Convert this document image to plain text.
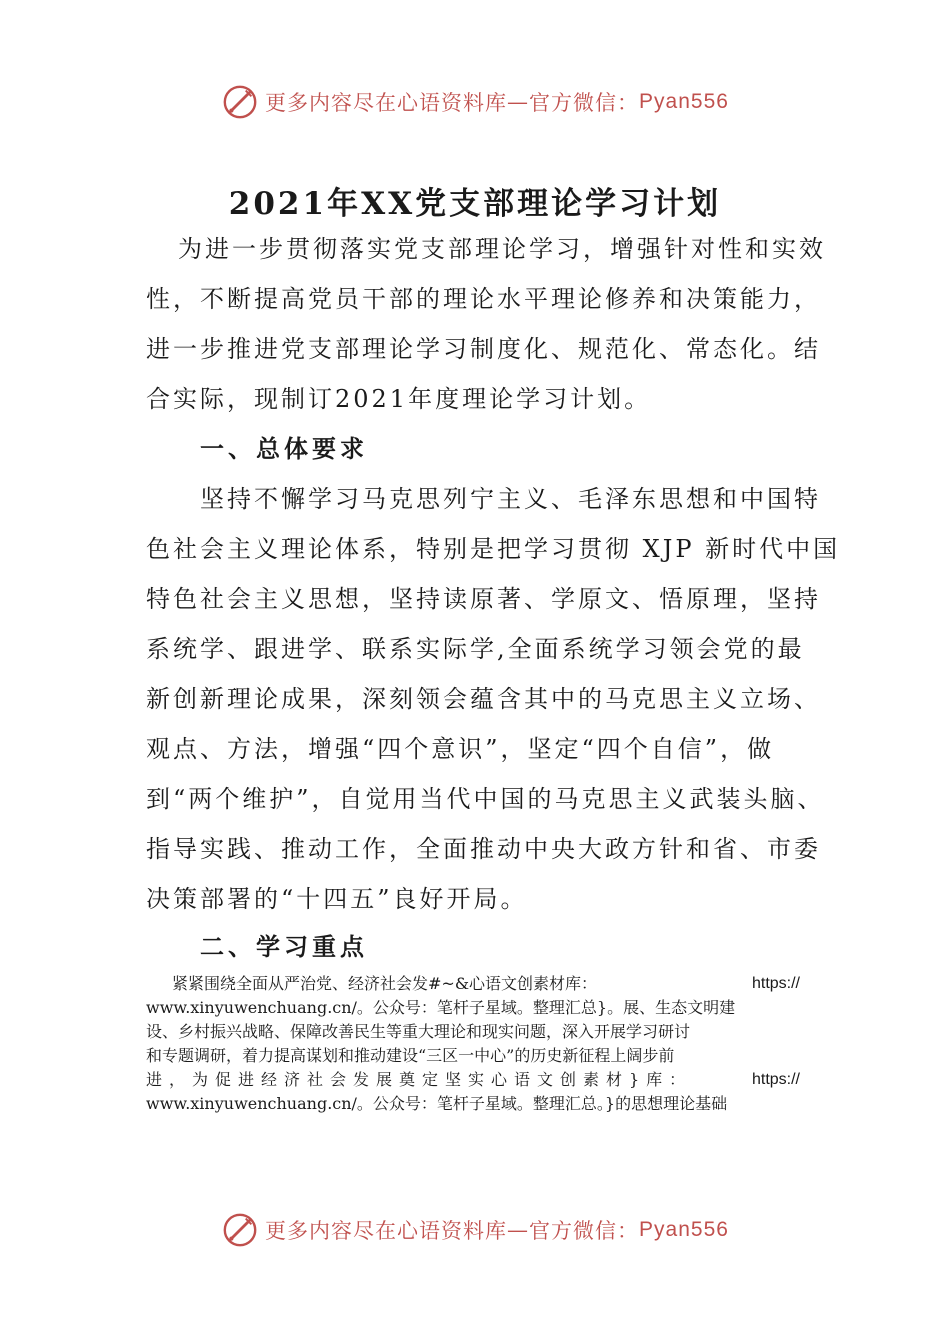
更多内容尽在心语资料库 — 官方微信： Pyan556
2021年XX党支部理论学习计划
为进一步贯彻落实党支部理论学习，增强针对性和实效
性，不断提高党员干部的理论水平理论修养和决策能力，
进一步推进党支部理论学习制度化、规范化、常态化。结
合实际，现制订2021年度理论学习计划。
一、总体要求
坚持不懈学习马克思列宁主义、毛泽东思想和中国特
色社会主义理论体系，特别是把学习贯彻 XJP 新时代中国
特色社会主义思想，坚持读原著、学原文、悟原理，坚持
系统学、跟进学、联系实际学,全面系统学习领会党的最
新创新理论成果，深刻领会蕴含其中的马克思主义立场、
观点、方法，增强“四个意识”，坚定“四个自信”，做
到“两个维护”，自觉用当代中国的马克思主义武装头脑、
指导实践、推动工作，全面推动中央大政方针和省、市委
决策部署的“十四五”良好开局。
二、学习重点
紧紧围绕全面从严治党、经济社会发#~&心语文创素材库：	https://
www.xinyuwenchuang.cn/。公众号：笔杆子星域。整理汇总}。展、生态文明建
设、乡村振兴战略、保障改善民生等重大理论和现实问题，深入开展学习研讨
和专题调研，着力提高谋划和推动建设“三区一中心”的历史新征程上阔步前
进，为促进经济社会发展奠定坚实心语文创素材}库：	https://
www.xinyuwenchuang.cn/。公众号：笔杆子星域。整理汇总。}的思想理论基础
更多内容尽在心语资料库 — 官方微信： Pyan556
